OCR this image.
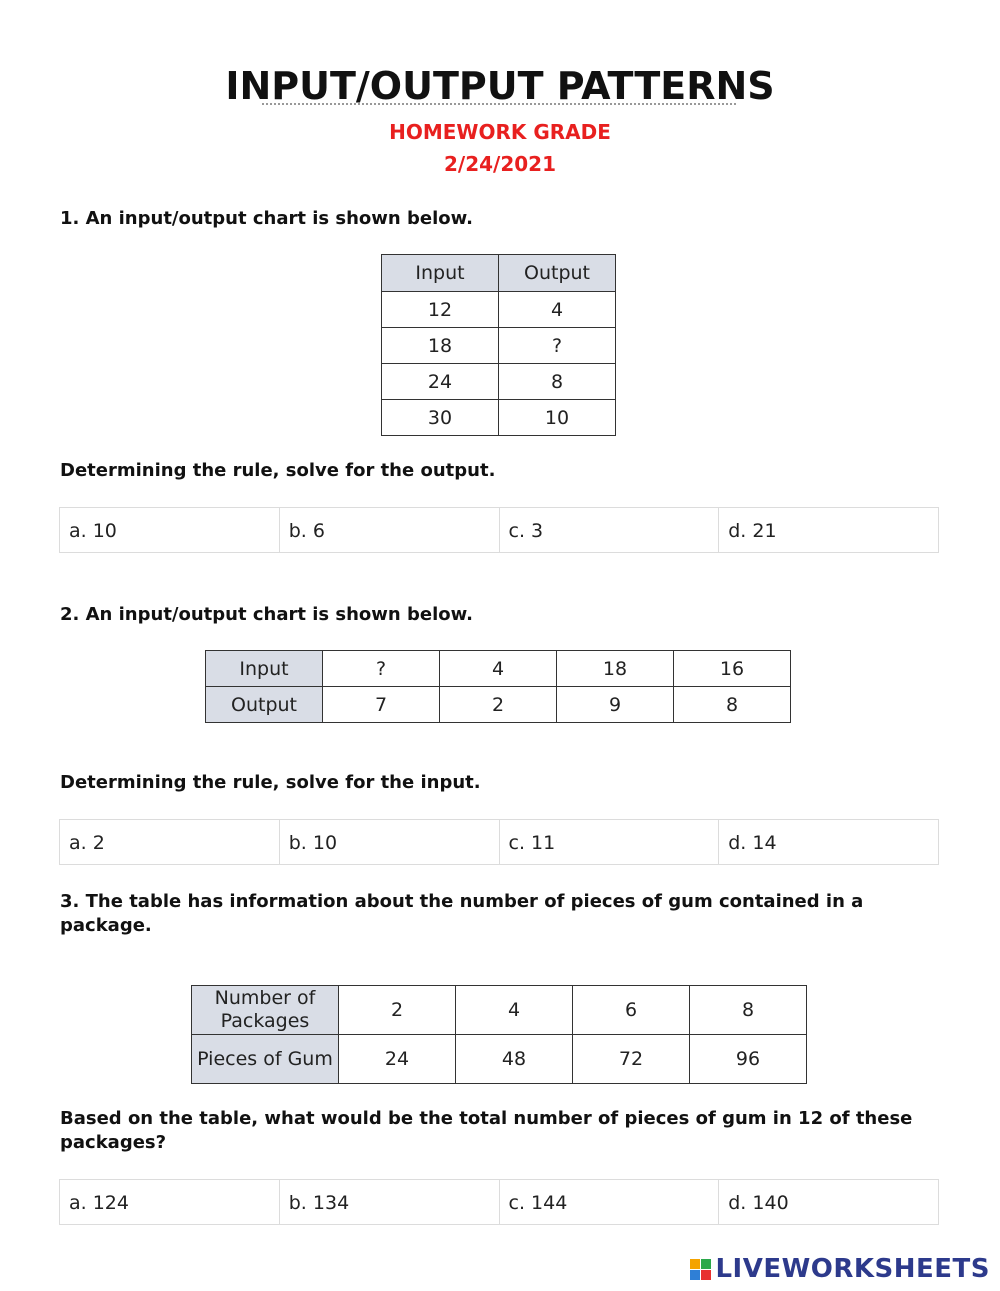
INPUT/OUTPUT PATTERNS
HOMEWORK GRADE
2/24/2021
1. An input/output chart is shown below.
Input	Output
12	4
18	?
24	8
30	10
Determining the rule, solve for the output.
a. 10	b. 6	c. 3	d. 21
2. An input/output chart is shown below.
Input	?	4	18	16
Output	7	2	9	8
Determining the rule, solve for the input.
a. 2	b. 10	c. 11	d. 14
3. The table has information about the number of pieces of gum contained in a package.
Number of Packages	2	4	6	8
Pieces of Gum	24	48	72	96
Based on the table, what would be the total number of pieces of gum in 12 of these packages?
a. 124	b. 134	c. 144	d. 140
LIVEWORKSHEETS
